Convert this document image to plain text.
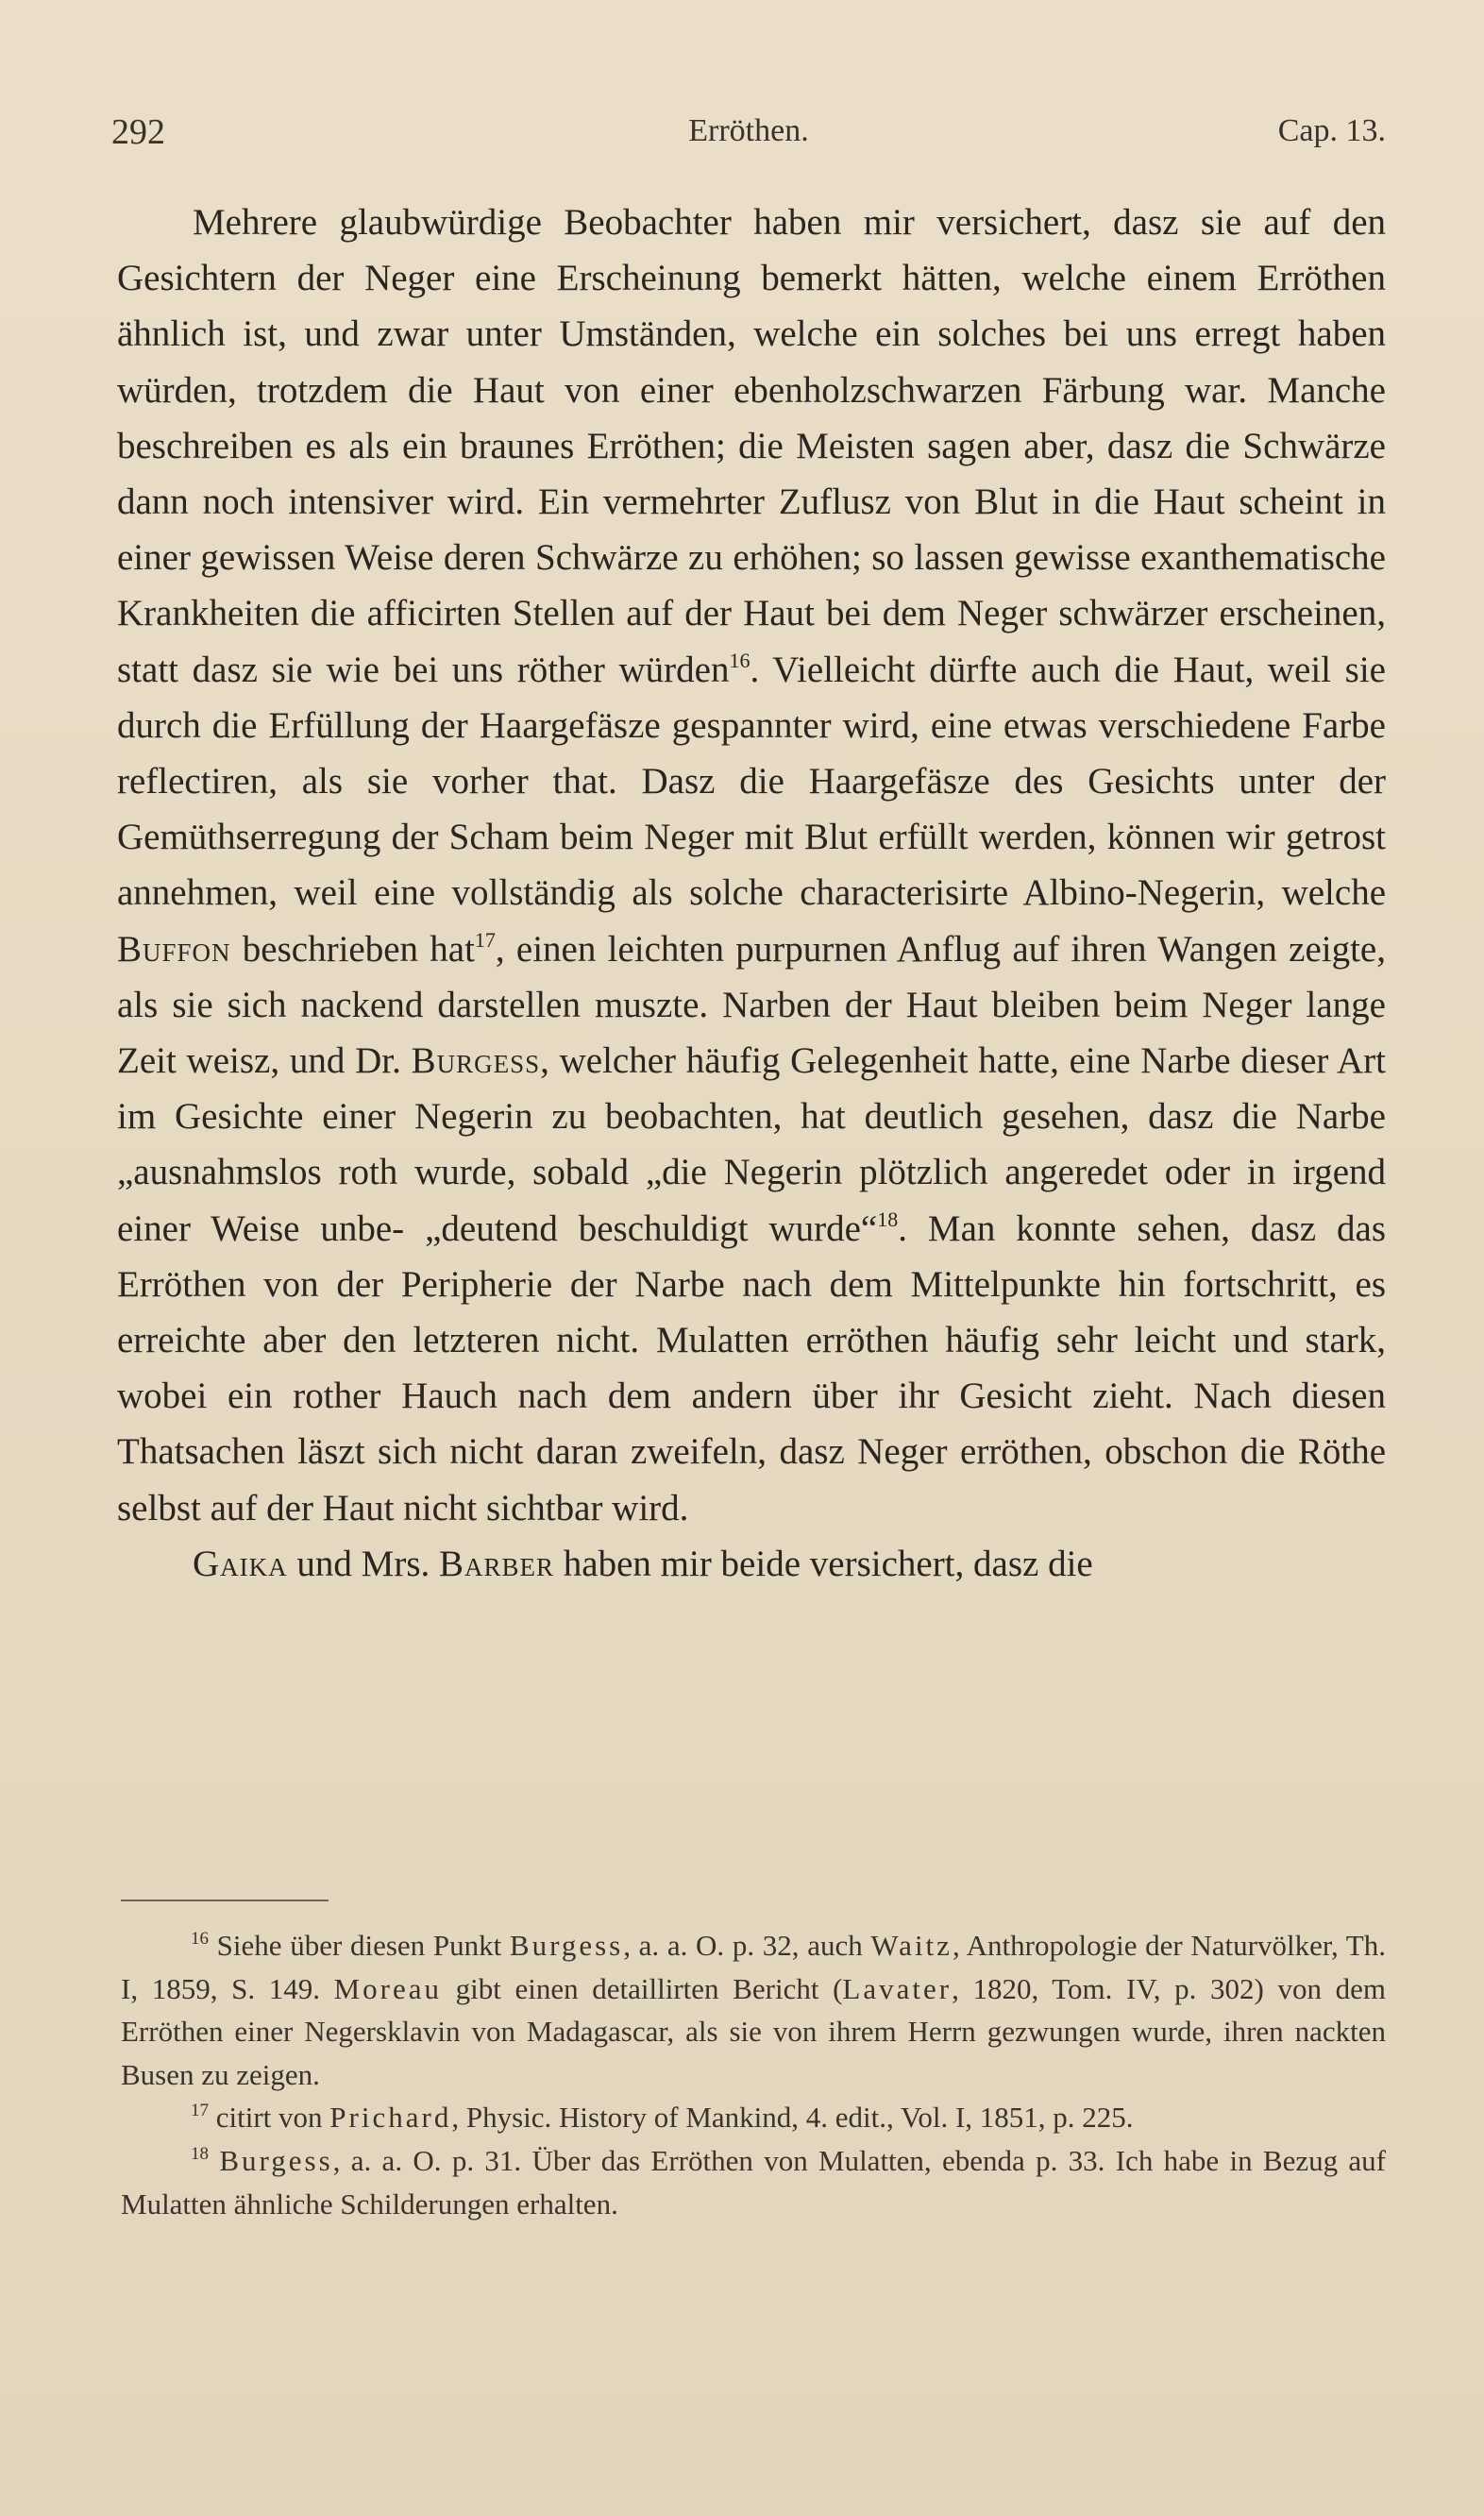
292	Erröthen.	Cap. 13.

Mehrere glaubwürdige Beobachter haben mir versichert, dasz sie auf den Gesichtern der Neger eine Erscheinung bemerkt hätten, welche einem Erröthen ähnlich ist, und zwar unter Umständen, welche ein solches bei uns erregt haben würden, trotzdem die Haut von einer ebenholzschwarzen Färbung war. Manche beschreiben es als ein braunes Erröthen; die Meisten sagen aber, dasz die Schwärze dann noch intensiver wird. Ein vermehrter Zuflusz von Blut in die Haut scheint in einer gewissen Weise deren Schwärze zu erhöhen; so lassen gewisse exanthematische Krankheiten die afficirten Stellen auf der Haut bei dem Neger schwärzer erscheinen, statt dasz sie wie bei uns röther würden$^{16}$. Vielleicht dürfte auch die Haut, weil sie durch die Erfüllung der Haargefäsze gespannter wird, eine etwas verschiedene Farbe reflectiren, als sie vorher that. Dasz die Haargefäsze des Gesichts unter der Gemüthserregung der Scham beim Neger mit Blut erfüllt werden, können wir getrost annehmen, weil eine vollständig als solche characterisirte Albino-Negerin, welche Buffon beschrieben hat$^{17}$, einen leichten purpurnen Anflug auf ihren Wangen zeigte, als sie sich nackend darstellen muszte. Narben der Haut bleiben beim Neger lange Zeit weisz, und Dr. Burgess, welcher häufig Gelegenheit hatte, eine Narbe dieser Art im Gesichte einer Negerin zu beobachten, hat deutlich gesehen, dasz die Narbe „ausnahmslos roth wurde, sobald „die Negerin plötzlich angeredet oder in irgend einer Weise unbe- „deutend beschuldigt wurde“$^{18}$. Man konnte sehen, dasz das Erröthen von der Peripherie der Narbe nach dem Mittelpunkte hin fortschritt, es erreichte aber den letzteren nicht. Mulatten erröthen häufig sehr leicht und stark, wobei ein rother Hauch nach dem andern über ihr Gesicht zieht. Nach diesen Thatsachen läszt sich nicht daran zweifeln, dasz Neger erröthen, obschon die Röthe selbst auf der Haut nicht sichtbar wird.

Gaika und Mrs. Barber haben mir beide versichert, dasz die

$^{16}$ Siehe über diesen Punkt Burgess, a. a. O. p. 32, auch Waitz, Anthropologie der Naturvölker, Th. I, 1859, S. 149. Moreau gibt einen detaillirten Bericht (Lavater, 1820, Tom. IV, p. 302) von dem Erröthen einer Negersklavin von Madagascar, als sie von ihrem Herrn gezwungen wurde, ihren nackten Busen zu zeigen.

$^{17}$ citirt von Prichard, Physic. History of Mankind, 4. edit., Vol. I, 1851, p. 225.

$^{18}$ Burgess, a. a. O. p. 31. Über das Erröthen von Mulatten, ebenda p. 33. Ich habe in Bezug auf Mulatten ähnliche Schilderungen erhalten.
